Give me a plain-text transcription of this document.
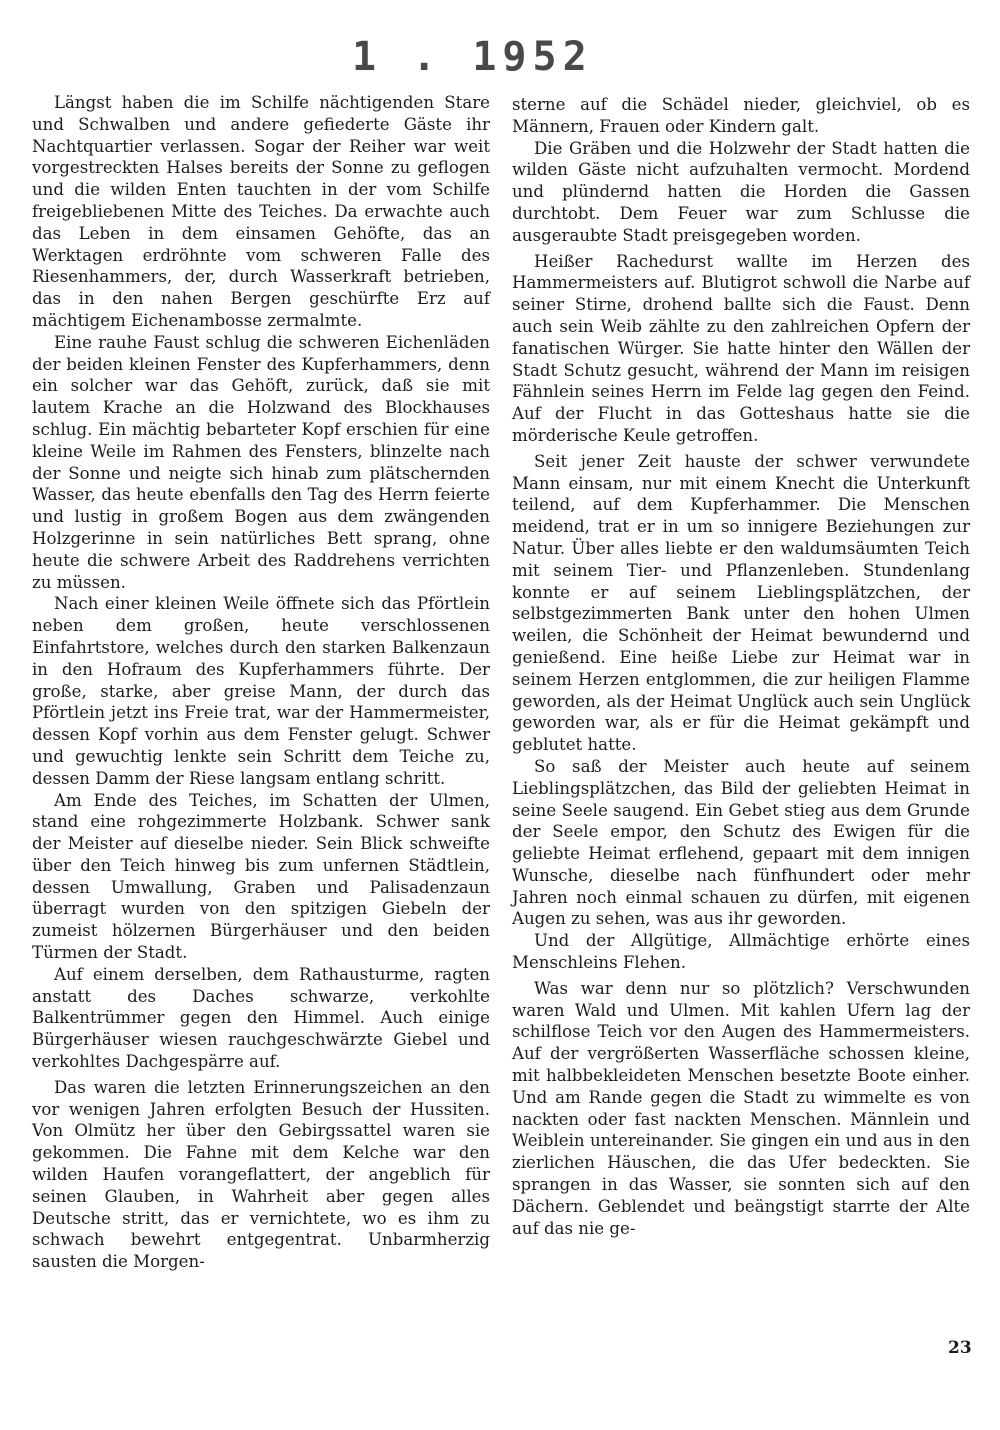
1 . 1952

Längst haben die im Schilfe nächtigenden Stare und Schwalben und andere gefiederte Gäste ihr Nachtquartier verlassen. Sogar der Reiher war weit vorgestreckten Halses bereits der Sonne zu geflogen und die wilden Enten tauchten in der vom Schilfe freigebliebenen Mitte des Teiches. Da erwachte auch das Leben in dem einsamen Gehöfte, das an Werktagen erdröhnte vom schweren Falle des Riesenhammers, der, durch Wasserkraft betrieben, das in den nahen Bergen geschürfte Erz auf mächtigem Eichenambosse zermalmte.

Eine rauhe Faust schlug die schweren Eichenläden der beiden kleinen Fenster des Kupferhammers, denn ein solcher war das Gehöft, zurück, daß sie mit lautem Krache an die Holzwand des Blockhauses schlug. Ein mächtig bebarteter Kopf erschien für eine kleine Weile im Rahmen des Fensters, blinzelte nach der Sonne und neigte sich hinab zum plätschernden Wasser, das heute ebenfalls den Tag des Herrn feierte und lustig in großem Bogen aus dem zwängenden Holzgerinne in sein natürliches Bett sprang, ohne heute die schwere Arbeit des Raddrehens verrichten zu müssen.

Nach einer kleinen Weile öffnete sich das Pförtlein neben dem großen, heute verschlossenen Einfahrtstore, welches durch den starken Balkenzaun in den Hofraum des Kupferhammers führte. Der große, starke, aber greise Mann, der durch das Pförtlein jetzt ins Freie trat, war der Hammermeister, dessen Kopf vorhin aus dem Fenster gelugt. Schwer und gewuchtig lenkte sein Schritt dem Teiche zu, dessen Damm der Riese langsam entlang schritt.

Am Ende des Teiches, im Schatten der Ulmen, stand eine rohgezimmerte Holzbank. Schwer sank der Meister auf dieselbe nieder. Sein Blick schweifte über den Teich hinweg bis zum unfernen Städtlein, dessen Umwallung, Graben und Palisadenzaun überragt wurden von den spitzigen Giebeln der zumeist hölzernen Bürgerhäuser und den beiden Türmen der Stadt.

Auf einem derselben, dem Rathausturme, ragten anstatt des Daches schwarze, verkohlte Balkentrümmer gegen den Himmel. Auch einige Bürgerhäuser wiesen rauchgeschwärzte Giebel und verkohltes Dachgespärre auf.

Das waren die letzten Erinnerungszeichen an den vor wenigen Jahren erfolgten Besuch der Hussiten. Von Olmütz her über den Gebirgssattel waren sie gekommen. Die Fahne mit dem Kelche war den wilden Haufen vorangeflattert, der angeblich für seinen Glauben, in Wahrheit aber gegen alles Deutsche stritt, das er vernichtete, wo es ihm zu schwach bewehrt entgegentrat. Unbarmherzig sausten die Morgen-

sterne auf die Schädel nieder, gleichviel, ob es Männern, Frauen oder Kindern galt.

Die Gräben und die Holzwehr der Stadt hatten die wilden Gäste nicht aufzuhalten vermocht. Mordend und plündernd hatten die Horden die Gassen durchtobt. Dem Feuer war zum Schlusse die ausgeraubte Stadt preisgegeben worden.

Heißer Rachedurst wallte im Herzen des Hammermeisters auf. Blutigrot schwoll die Narbe auf seiner Stirne, drohend ballte sich die Faust. Denn auch sein Weib zählte zu den zahlreichen Opfern der fanatischen Würger. Sie hatte hinter den Wällen der Stadt Schutz gesucht, während der Mann im reisigen Fähnlein seines Herrn im Felde lag gegen den Feind. Auf der Flucht in das Gotteshaus hatte sie die mörderische Keule getroffen.

Seit jener Zeit hauste der schwer verwundete Mann einsam, nur mit einem Knecht die Unterkunft teilend, auf dem Kupferhammer. Die Menschen meidend, trat er in um so innigere Beziehungen zur Natur. Über alles liebte er den waldumsäumten Teich mit seinem Tier- und Pflanzenleben. Stundenlang konnte er auf seinem Lieblingsplätzchen, der selbstgezimmerten Bank unter den hohen Ulmen weilen, die Schönheit der Heimat bewundernd und genießend. Eine heiße Liebe zur Heimat war in seinem Herzen entglommen, die zur heiligen Flamme geworden, als der Heimat Unglück auch sein Unglück geworden war, als er für die Heimat gekämpft und geblutet hatte.

So saß der Meister auch heute auf seinem Lieblingsplätzchen, das Bild der geliebten Heimat in seine Seele saugend. Ein Gebet stieg aus dem Grunde der Seele empor, den Schutz des Ewigen für die geliebte Heimat erflehend, gepaart mit dem innigen Wunsche, dieselbe nach fünfhundert oder mehr Jahren noch einmal schauen zu dürfen, mit eigenen Augen zu sehen, was aus ihr geworden.

Und der Allgütige, Allmächtige erhörte eines Menschleins Flehen.

Was war denn nur so plötzlich? Verschwunden waren Wald und Ulmen. Mit kahlen Ufern lag der schilflose Teich vor den Augen des Hammermeisters. Auf der vergrößerten Wasserfläche schossen kleine, mit halbbekleideten Menschen besetzte Boote einher. Und am Rande gegen die Stadt zu wimmelte es von nackten oder fast nackten Menschen. Männlein und Weiblein untereinander. Sie gingen ein und aus in den zierlichen Häuschen, die das Ufer bedeckten. Sie sprangen in das Wasser, sie sonnten sich auf den Dächern. Geblendet und beängstigt starrte der Alte auf das nie ge-

23
